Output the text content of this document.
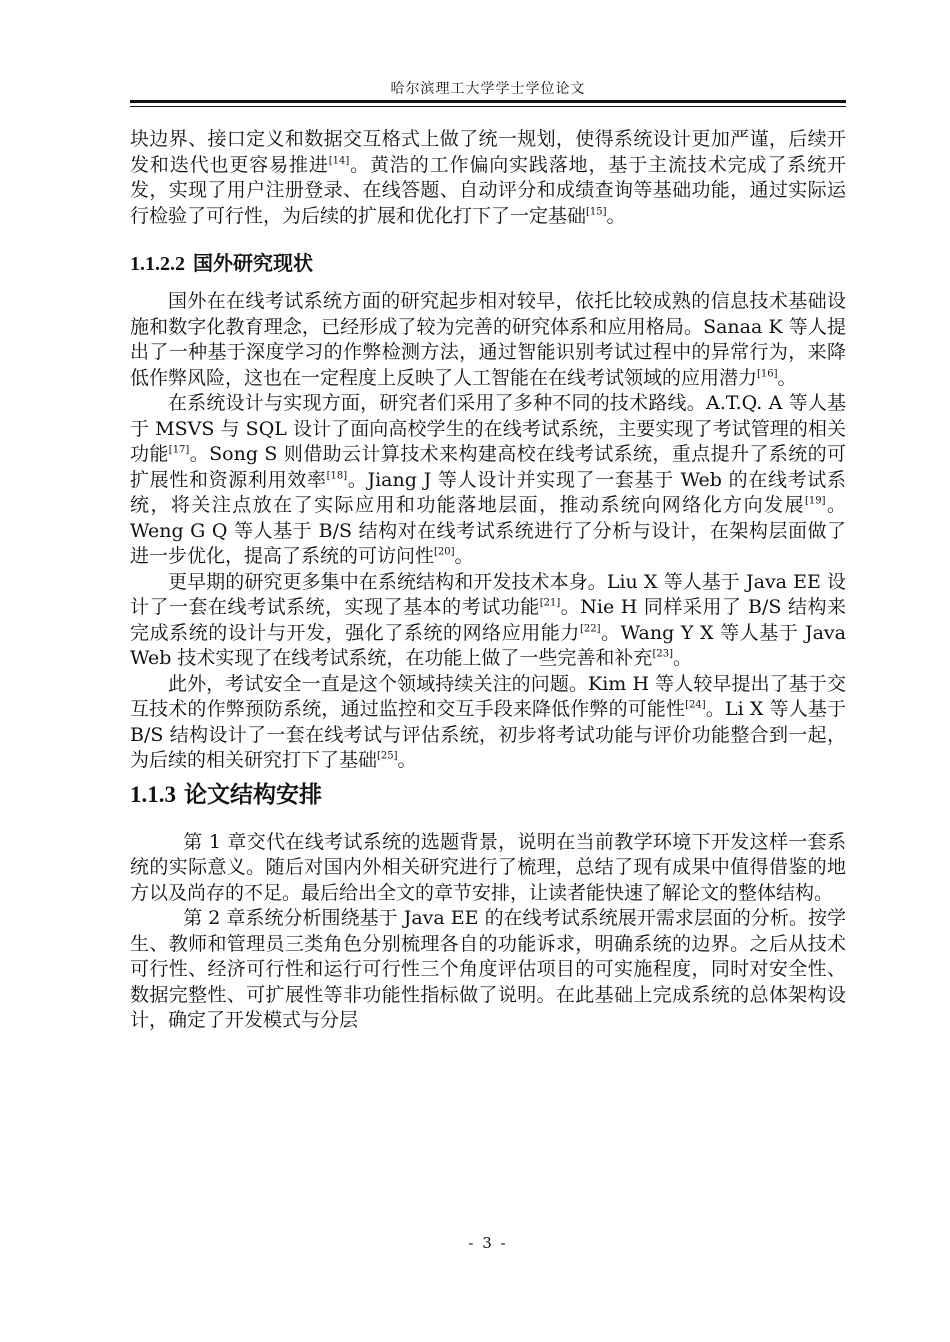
哈尔滨理工大学学士学位论文

块边界、接口定义和数据交互格式上做了统一规划，使得系统设计更加严谨，后续开发和迭代也更容易推进[14]。黄浩的工作偏向实践落地，基于主流技术完成了系统开发，实现了用户注册登录、在线答题、自动评分和成绩查询等基础功能，通过实际运行检验了可行性，为后续的扩展和优化打下了一定基础[15]。

1.1.2.2 国外研究现状

国外在在线考试系统方面的研究起步相对较早，依托比较成熟的信息技术基础设施和数字化教育理念，已经形成了较为完善的研究体系和应用格局。Sanaa K 等人提出了一种基于深度学习的作弊检测方法，通过智能识别考试过程中的异常行为，来降低作弊风险，这也在一定程度上反映了人工智能在在线考试领域的应用潜力[16]。

在系统设计与实现方面，研究者们采用了多种不同的技术路线。A.T.Q. A 等人基于 MSVS 与 SQL 设计了面向高校学生的在线考试系统，主要实现了考试管理的相关功能[17]。Song S 则借助云计算技术来构建高校在线考试系统，重点提升了系统的可扩展性和资源利用效率[18]。Jiang J 等人设计并实现了一套基于 Web 的在线考试系统，将关注点放在了实际应用和功能落地层面，推动系统向网络化方向发展[19]。Weng G Q 等人基于 B/S 结构对在线考试系统进行了分析与设计，在架构层面做了进一步优化，提高了系统的可访问性[20]。

更早期的研究更多集中在系统结构和开发技术本身。Liu X 等人基于 Java EE 设计了一套在线考试系统，实现了基本的考试功能[21]。Nie H 同样采用了 B/S 结构来完成系统的设计与开发，强化了系统的网络应用能力[22]。Wang Y X 等人基于 Java Web 技术实现了在线考试系统，在功能上做了一些完善和补充[23]。

此外，考试安全一直是这个领域持续关注的问题。Kim H 等人较早提出了基于交互技术的作弊预防系统，通过监控和交互手段来降低作弊的可能性[24]。Li X 等人基于 B/S 结构设计了一套在线考试与评估系统，初步将考试功能与评价功能整合到一起，为后续的相关研究打下了基础[25]。

1.1.3 论文结构安排

第 1 章交代在线考试系统的选题背景，说明在当前教学环境下开发这样一套系统的实际意义。随后对国内外相关研究进行了梳理，总结了现有成果中值得借鉴的地方以及尚存的不足。最后给出全文的章节安排，让读者能快速了解论文的整体结构。

第 2 章系统分析围绕基于 Java EE 的在线考试系统展开需求层面的分析。按学生、教师和管理员三类角色分别梳理各自的功能诉求，明确系统的边界。之后从技术可行性、经济可行性和运行可行性三个角度评估项目的可实施程度，同时对安全性、数据完整性、可扩展性等非功能性指标做了说明。在此基础上完成系统的总体架构设计，确定了开发模式与分层

- 3 -
